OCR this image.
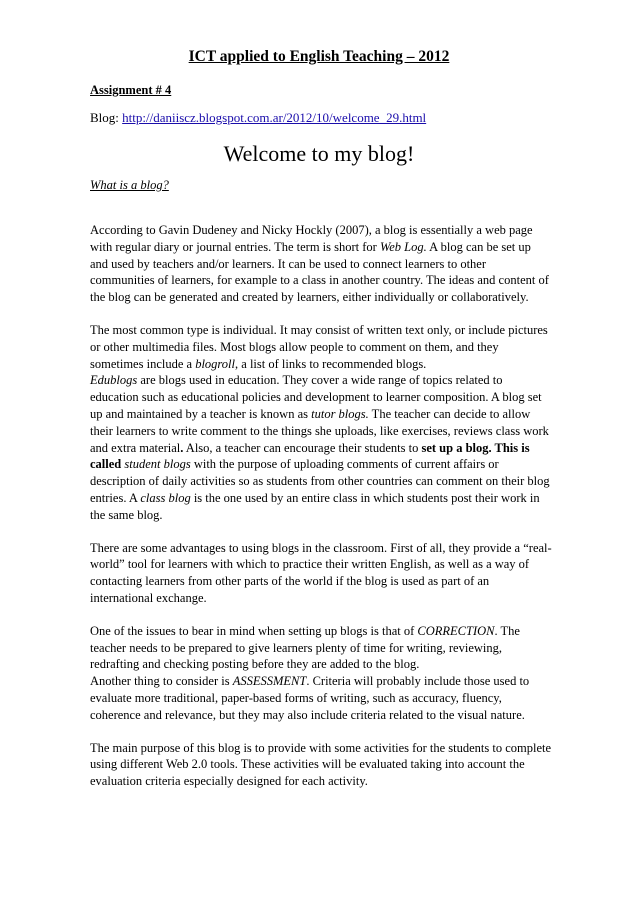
ICT applied to English Teaching – 2012
Assignment # 4
Blog: http://daniiscz.blogspot.com.ar/2012/10/welcome_29.html
Welcome to my blog!
What is a blog?

According to Gavin Dudeney and Nicky Hockly (2007), a blog is essentially a web page with regular diary or journal entries. The term is short for Web Log. A blog can be set up and used by teachers and/or learners. It can be used to connect learners to other communities of learners, for example to a class in another country. The ideas and content of the blog can be generated and created by learners, either individually or collaboratively.

The most common type is individual. It may consist of written text only, or include pictures or other multimedia files. Most blogs allow people to comment on them, and they sometimes include a blogroll, a list of links to recommended blogs.

Edublogs are blogs used in education. They cover a wide range of topics related to education such as educational policies and development to learner composition. A blog set up and maintained by a teacher is known as tutor blogs. The teacher can decide to allow their learners to write comment to the things she uploads, like exercises, reviews class work and extra material. Also, a teacher can encourage their students to set up a blog. This is called student blogs with the purpose of uploading comments of current affairs or description of daily activities so as students from other countries can comment on their blog entries. A class blog is the one used by an entire class in which students post their work in the same blog.

There are some advantages to using blogs in the classroom. First of all, they provide a “real-world” tool for learners with which to practice their written English, as well as a way of contacting learners from other parts of the world if the blog is used as part of an international exchange.

One of the issues to bear in mind when setting up blogs is that of CORRECTION. The teacher needs to be prepared to give learners plenty of time for writing, reviewing, redrafting and checking posting before they are added to the blog.

Another thing to consider is ASSESSMENT. Criteria will probably include those used to evaluate more traditional, paper-based forms of writing, such as accuracy, fluency, coherence and relevance, but they may also include criteria related to the visual nature.

The main purpose of this blog is to provide with some activities for the students to complete using different Web 2.0 tools. These activities will be evaluated taking into account the evaluation criteria especially designed for each activity.
